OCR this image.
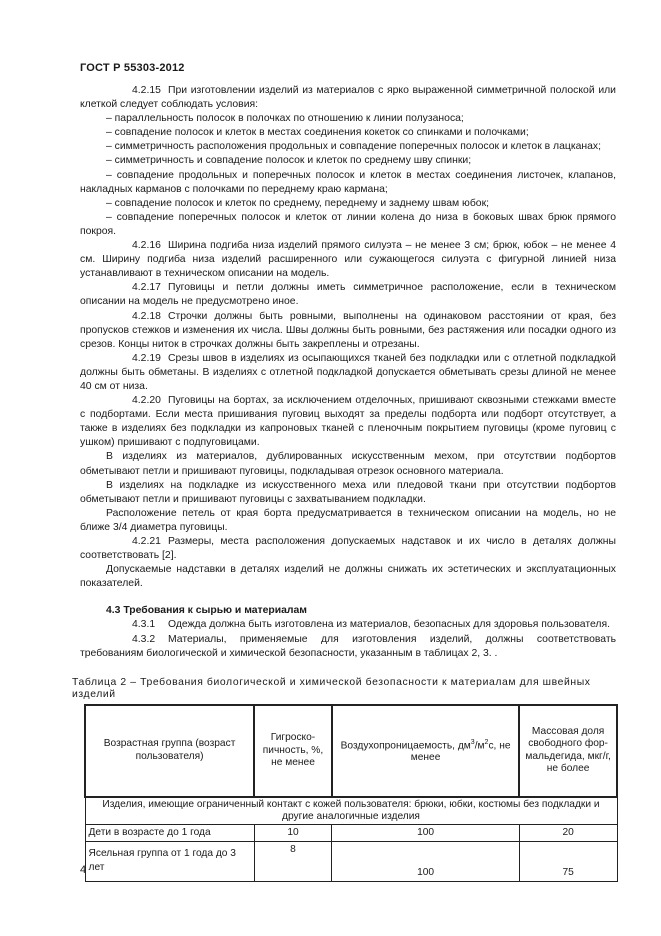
ГОСТ Р 55303-2012

4.2.15 При изготовлении изделий из материалов с ярко выраженной симметричной полоской или клеткой следует соблюдать условия:

– параллельность полосок в полочках по отношению к линии полузаноса;

– совпадение полосок и клеток в местах соединения кокеток со спинками и полочками;

– симметричность расположения продольных и совпадение поперечных полосок и клеток в лацканах;

– симметричность и совпадение полосок и клеток по среднему шву спинки;

– совпадение продольных и поперечных полосок и клеток в местах соединения листочек, клапанов, накладных карманов с полочками по переднему краю кармана;

– совпадение полосок и клеток по среднему, переднему и заднему швам юбок;

– совпадение поперечных полосок и клеток от линии колена до низа в боковых швах брюк прямого покроя.

4.2.16 Ширина подгиба низа изделий прямого силуэта – не менее 3 см; брюк, юбок – не менее 4 см. Ширину подгиба низа изделий расширенного или сужающегося силуэта с фигурной линией низа устанавливают в техническом описании на модель.

4.2.17 Пуговицы и петли должны иметь симметричное расположение, если в техническом описании на модель не предусмотрено иное.

4.2.18 Строчки должны быть ровными, выполнены на одинаковом расстоянии от края, без пропусков стежков и изменения их числа. Швы должны быть ровными, без растяжения или посадки одного из срезов. Концы ниток в строчках должны быть закреплены и отрезаны.

4.2.19 Срезы швов в изделиях из осыпающихся тканей без подкладки или с отлетной подкладкой должны быть обметаны. В изделиях с отлетной подкладкой допускается обметывать срезы длиной не менее 40 см от низа.

4.2.20 Пуговицы на бортах, за исключением отделочных, пришивают сквозными стежками вместе с подбортами. Если места пришивания пуговиц выходят за пределы подборта или подборт отсутствует, а также в изделиях без подкладки из капроновых тканей с пленочным покрытием пуговицы (кроме пуговиц с ушком) пришивают с подпуговицами.

В изделиях из материалов, дублированных искусственным мехом, при отсутствии подбортов обметывают петли и пришивают пуговицы, подкладывая отрезок основного материала.

В изделиях на подкладке из искусственного меха или пледовой ткани при отсутствии подбортов обметывают петли и пришивают пуговицы с захватыванием подкладки.

Расположение петель от края борта предусматривается в техническом описании на модель, но не ближе 3/4 диаметра пуговицы.

4.2.21 Размеры, места расположения допускаемых надставок и их число в деталях должны соответствовать [2].

Допускаемые надставки в деталях изделий не должны снижать их эстетических и эксплуатационных показателей.

4.3 Требования к сырью и материалам

4.3.1 Одежда должна быть изготовлена из материалов, безопасных для здоровья пользователя.

4.3.2 Материалы, применяемые для изготовления изделий, должны соответствовать требованиям биологической и химической безопасности, указанным в таблицах 2, 3. .

Таблица 2 – Требования биологической и химической безопасности к материалам для швейных изделий

Возрастная группа (возраст пользователя)	Гигроско-пичность, %, не менее	Воздухопроницаемость, $дм^3/м^2с$, не менее	Массовая доля свободного фор-мальдегида, мкг/г, не более
Изделия, имеющие ограниченный контакт с кожей пользователя: брюки, юбки, костюмы без подкладки и другие аналогичные изделия			
Дети в возрасте до 1 года	10	100	20
Ясельная группа от 1 года до 3 лет	8	100	75
4
